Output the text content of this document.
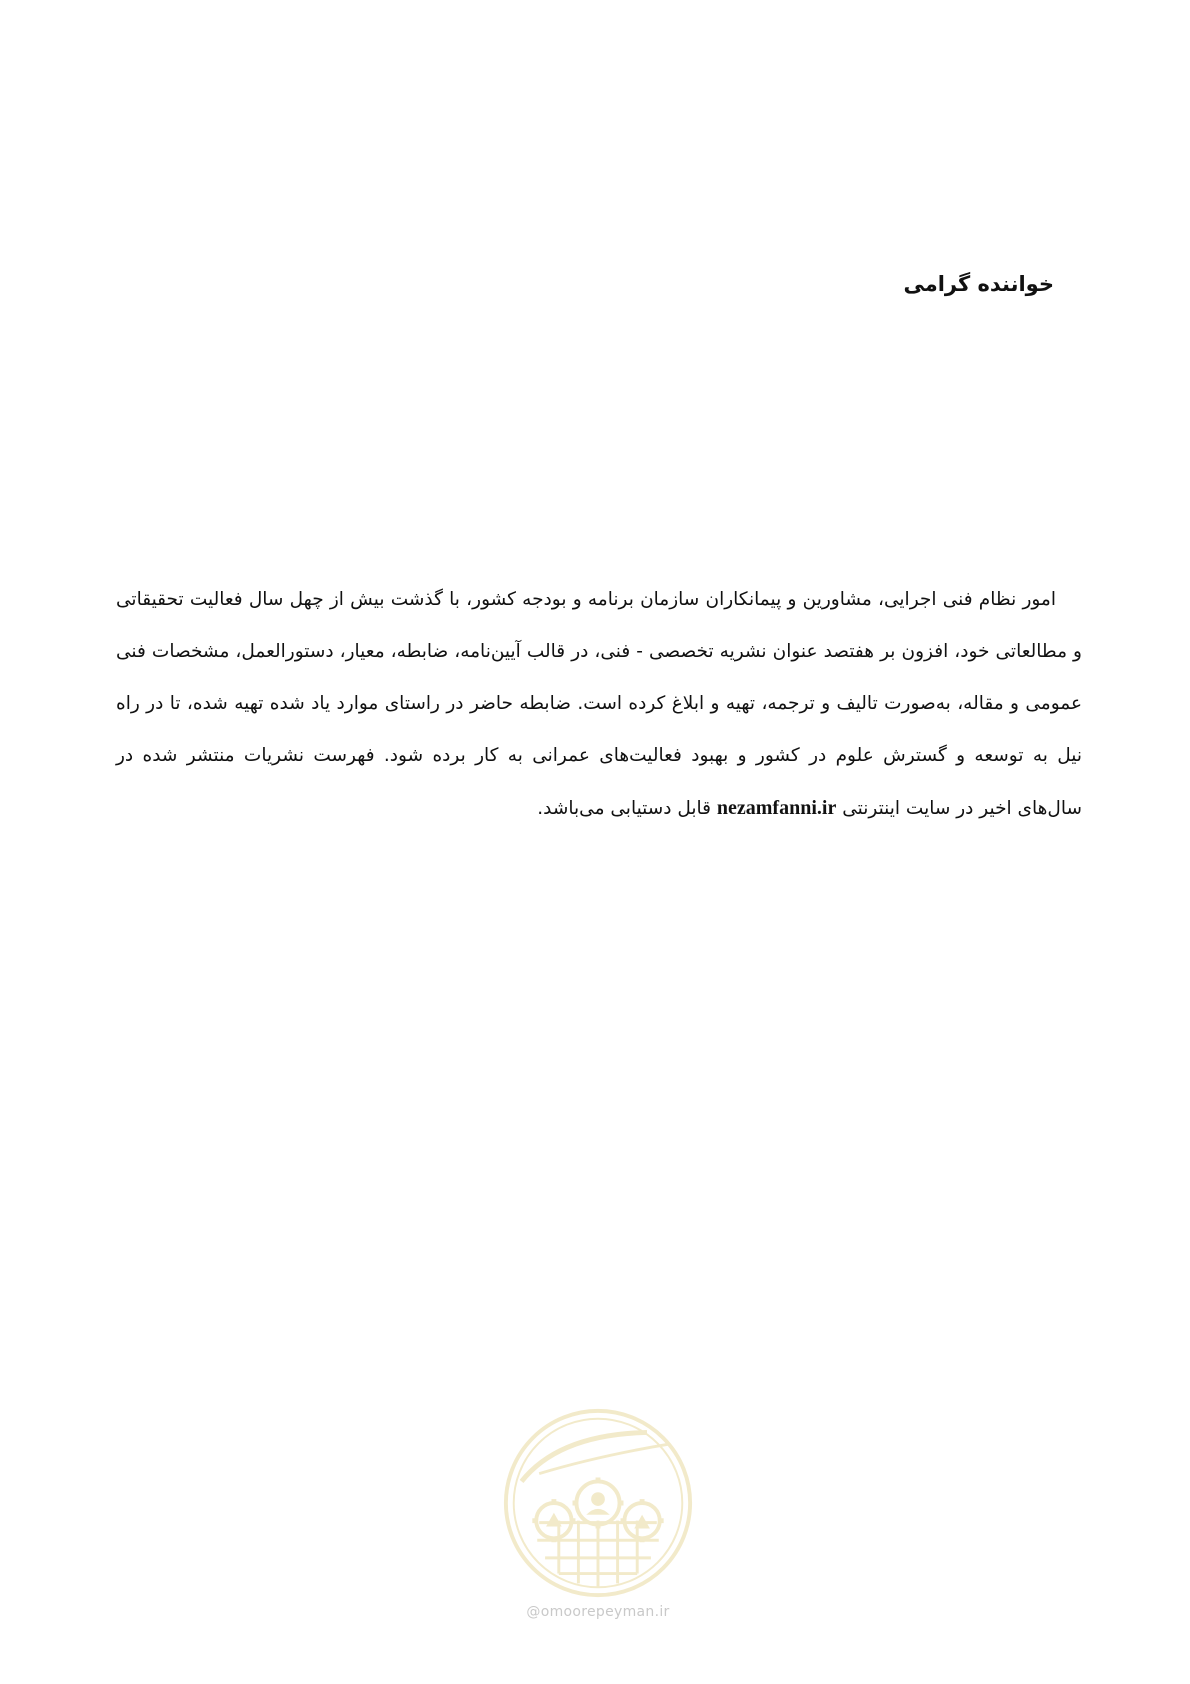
خواننده گرامی

امور نظام فنی اجرایی، مشاورین و پیمانکاران سازمان برنامه و بودجه کشور، با گذشت بیش از چهل سال فعالیت تحقیقاتی و مطالعاتی خود، افزون بر هفتصد عنوان نشریه تخصصی - فنی، در قالب آیین‌نامه، ضابطه، معیار، دستورالعمل، مشخصات فنی عمومی و مقاله، به‌صورت تالیف و ترجمه، تهیه و ابلاغ کرده است. ضابطه حاضر در راستای موارد یاد شده تهیه شده، تا در راه نیل به توسعه و گسترش علوم در کشور و بهبود فعالیت‌های عمرانی به کار برده شود. فهرست نشریات منتشر شده در سال‌های اخیر در سایت اینترنتی nezamfanni.ir قابل دستیابی می‌باشد.

@omoorepeyman.ir
